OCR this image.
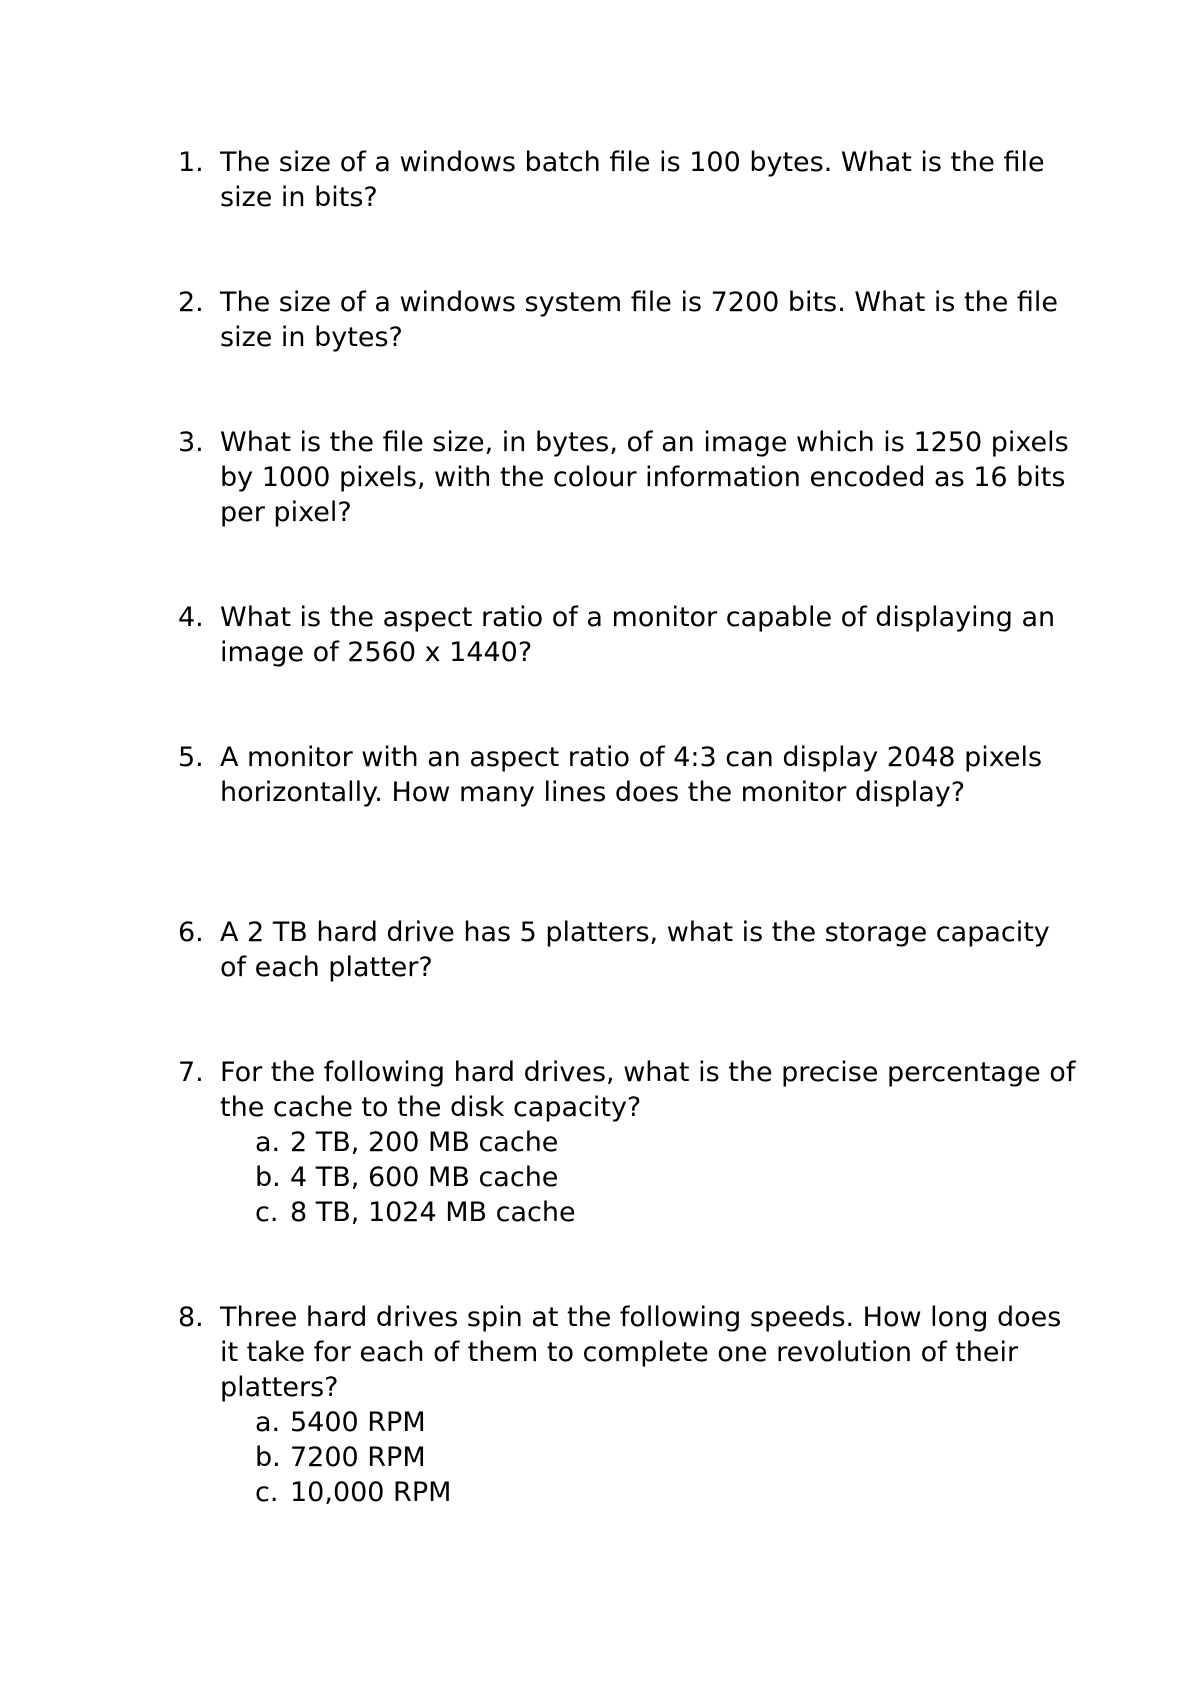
1. The size of a windows batch file is 100 bytes. What is the file size in bits?
2. The size of a windows system file is 7200 bits. What is the file size in bytes?
3. What is the file size, in bytes, of an image which is 1250 pixels by 1000 pixels, with the colour information encoded as 16 bits per pixel?
4. What is the aspect ratio of a monitor capable of displaying an image of 2560 x 1440?
5. A monitor with an aspect ratio of 4:3 can display 2048 pixels horizontally. How many lines does the monitor display?
6. A 2 TB hard drive has 5 platters, what is the storage capacity of each platter?
7. For the following hard drives, what is the precise percentage of the cache to the disk capacity?
a. 2 TB, 200 MB cache
b. 4 TB, 600 MB cache
c. 8 TB, 1024 MB cache
8. Three hard drives spin at the following speeds. How long does it take for each of them to complete one revolution of their platters?
a. 5400 RPM
b. 7200 RPM
c. 10,000 RPM
